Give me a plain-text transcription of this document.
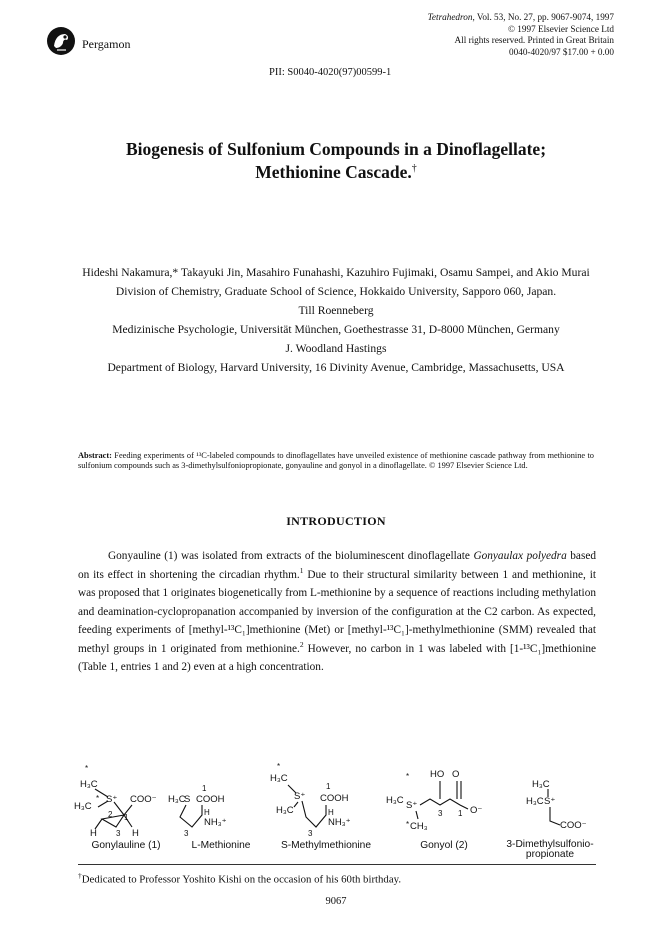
Pergamon
Tetrahedron, Vol. 53, No. 27, pp. 9067-9074, 1997
© 1997 Elsevier Science Ltd
All rights reserved. Printed in Great Britain
0040-4020/97 $17.00 + 0.00
PII: S0040-4020(97)00599-1
Biogenesis of Sulfonium Compounds in a Dinoflagellate;
Methionine Cascade.†
Hideshi Nakamura,* Takayuki Jin, Masahiro Funahashi, Kazuhiro Fujimaki, Osamu Sampei, and Akio Murai
Division of Chemistry, Graduate School of Science, Hokkaido University, Sapporo 060, Japan.
Till Roenneberg
Medizinische Psychologie, Universität München, Goethestrasse 31, D-8000 München, Germany
J. Woodland Hastings
Department of Biology, Harvard University, 16 Divinity Avenue, Cambridge, Massachusetts, USA
Abstract: Feeding experiments of ¹³C-labeled compounds to dinoflagellates have unveiled existence of methionine cascade pathway from methionine to sulfonium compounds such as 3-dimethylsulfoniopropionate, gonyauline and gonyol in a dinoflagellate. © 1997 Elsevier Science Ltd.
INTRODUCTION
Gonyauline (1) was isolated from extracts of the bioluminescent dinoflagellate Gonyaulax polyedra based on its effect in shortening the circadian rhythm.$^1$ Due to their structural similarity between 1 and methionine, it was proposed that 1 originates biogenetically from L-methionine by a sequence of reactions including methylation and deamination-cyclopropanation accompanied by inversion of the configuration at the C2 carbon. As expected, feeding experiments of [methyl-¹³C₁]methionine (Met) or [methyl-¹³C₁]-methylmethionine (SMM) revealed that methyl groups in 1 originated from methionine.$^2$ However, no carbon in 1 was labeled with [1-¹³C₁]methionine (Table 1, entries 1 and 2) even at a high concentration.
H₃C
*
H₃C
* S⁺ COO⁻
2 1
H 3 H
H₃C
S
1
COOH
H
NH₃⁺
3
H₃C
*
H₃C
S⁺
1
COOH
H
NH₃⁺
3
HO O
*
H₃C S⁺
3 1 O⁻
* CH₃
H₃C
H₃C S⁺
COO⁻
Gonylauline (1)	L-Methionine	S-Methylmethionine	Gonyol (2)	3-Dimethylsulfonio-
propionate
†Dedicated to Professor Yoshito Kishi on the occasion of his 60th birthday.
9067
